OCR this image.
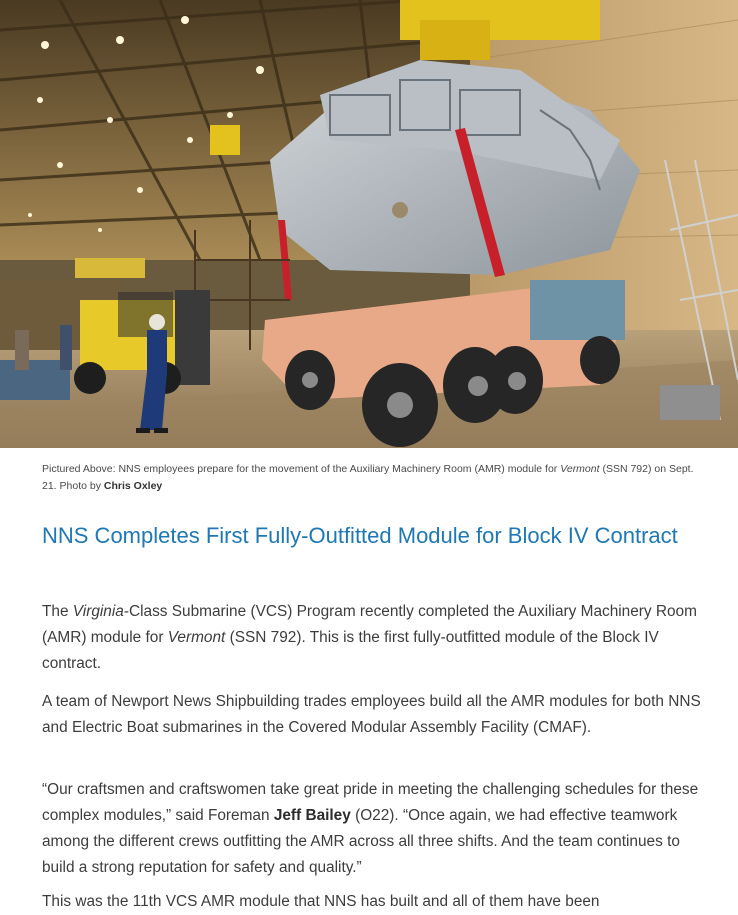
Pictured Above: NNS employees prepare for the movement of the Auxiliary Machinery Room (AMR) module for Vermont (SSN 792) on Sept. 21. Photo by Chris Oxley
NNS Completes First Fully-Outfitted Module for Block IV Contract

The Virginia-Class Submarine (VCS) Program recently completed the Auxiliary Machinery Room (AMR) module for Vermont (SSN 792). This is the first fully-outfitted module of the Block IV contract.

A team of Newport News Shipbuilding trades employees build all the AMR modules for both NNS and Electric Boat submarines in the Covered Modular Assembly Facility (CMAF).

“Our craftsmen and craftswomen take great pride in meeting the challenging schedules for these complex modules,” said Foreman Jeff Bailey (O22). “Once again, we had effective teamwork among the different crews outfitting the AMR across all three shifts. And the team continues to build a strong reputation for safety and quality.”

This was the 11th VCS AMR module that NNS has built and all of them have been
